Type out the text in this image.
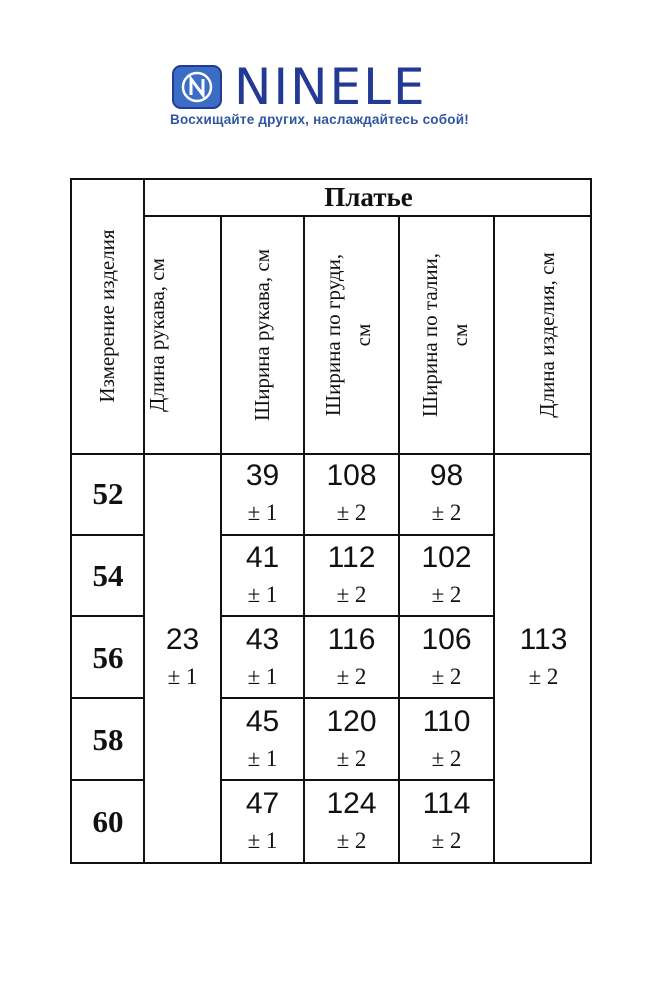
NINELE
Восхищайте других, наслаждайтесь собой!
Платье
Измерение изделия Длина рукава, см	Ширина рукава, см Ширина по груди, см Ширина по талии, см	Длина изделия, см
52
54
56
58
60
23
± 1
113
± 2
39
± 1
108
± 2
98
± 2
41
± 1
112
± 2
102
± 2
43
± 1
116
± 2
106
± 2
45
± 1
120
± 2
110
± 2
47
± 1
124
± 2
114
± 2
